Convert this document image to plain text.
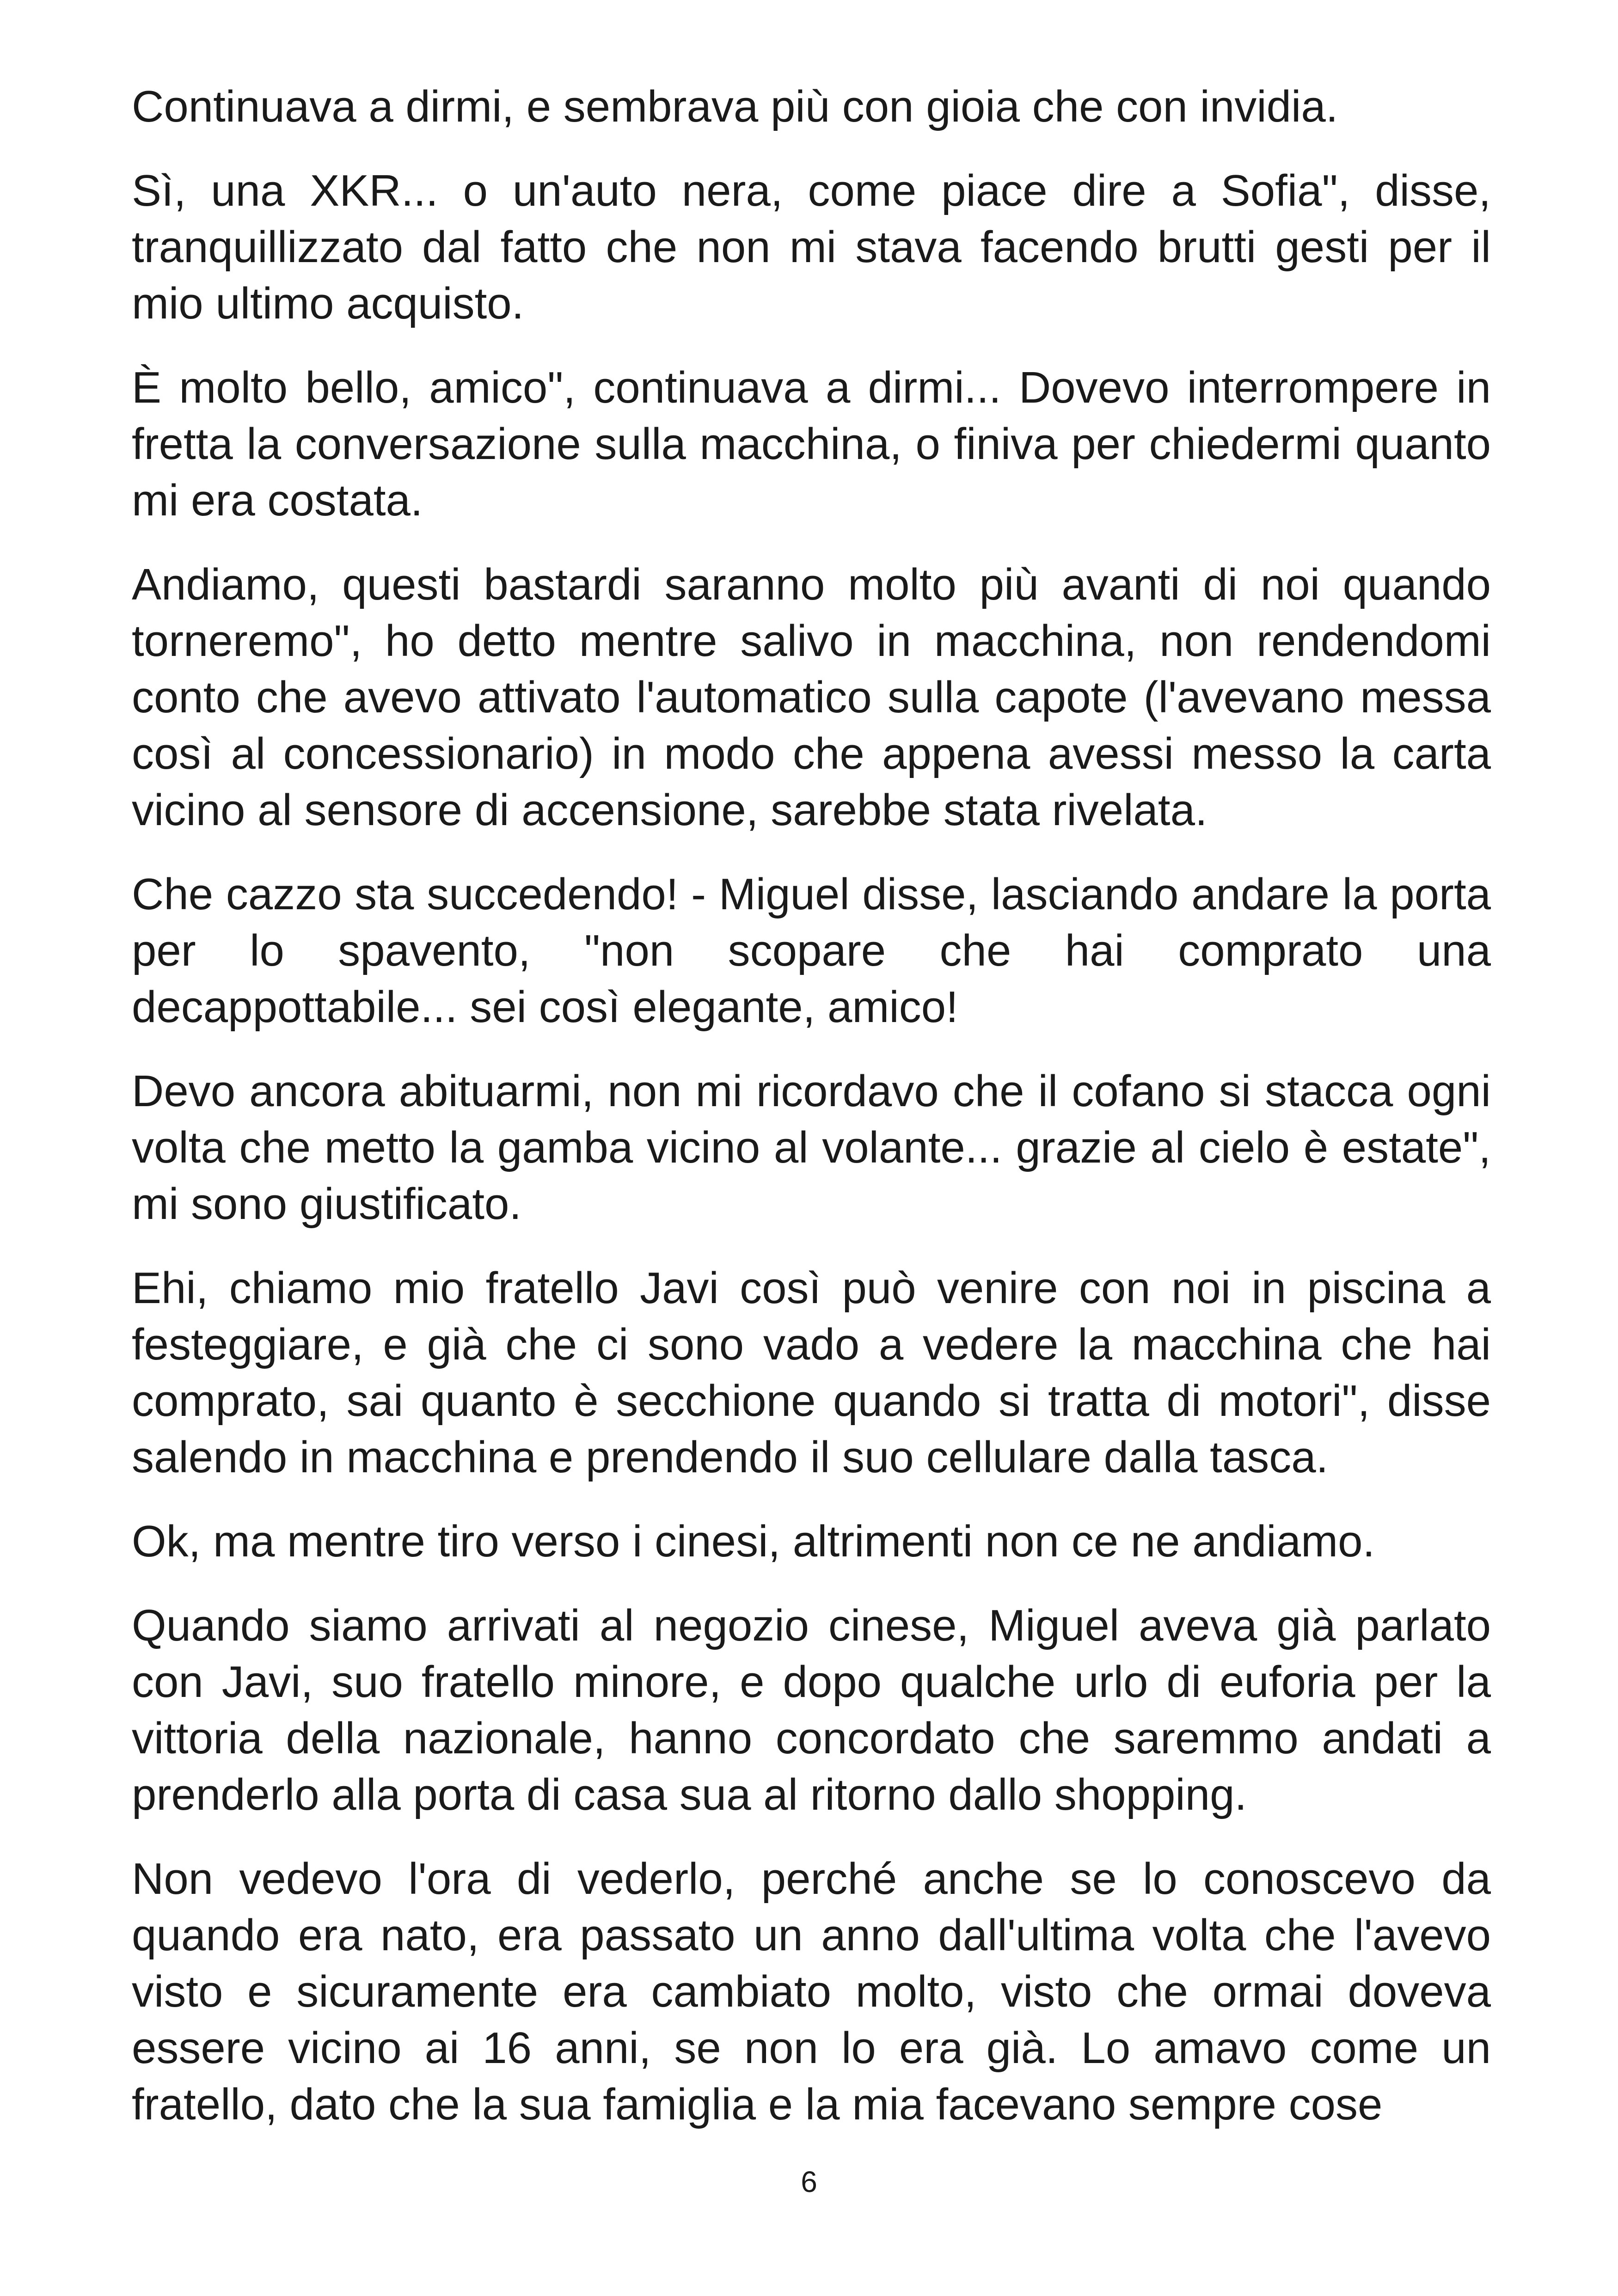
Continuava a dirmi, e sembrava più con gioia che con invidia.

Sì, una XKR... o un'auto nera, come piace dire a Sofia", disse, tranquillizzato dal fatto che non mi stava facendo brutti gesti per il mio ultimo acquisto.

È molto bello, amico", continuava a dirmi... Dovevo interrompere in fretta la conversazione sulla macchina, o finiva per chiedermi quanto mi era costata.

Andiamo, questi bastardi saranno molto più avanti di noi quando torneremo", ho detto mentre salivo in macchina, non rendendomi conto che avevo attivato l'automatico sulla capote (l'avevano messa così al concessionario) in modo che appena avessi messo la carta vicino al sensore di accensione, sarebbe stata rivelata.

Che cazzo sta succedendo! - Miguel disse, lasciando andare la porta per lo spavento, "non scopare che hai comprato una decappottabile... sei così elegante, amico!

Devo ancora abituarmi, non mi ricordavo che il cofano si stacca ogni volta che metto la gamba vicino al volante... grazie al cielo è estate", mi sono giustificato.

Ehi, chiamo mio fratello Javi così può venire con noi in piscina a festeggiare, e già che ci sono vado a vedere la macchina che hai comprato, sai quanto è secchione quando si tratta di motori", disse salendo in macchina e prendendo il suo cellulare dalla tasca.

Ok, ma mentre tiro verso i cinesi, altrimenti non ce ne andiamo.

Quando siamo arrivati al negozio cinese, Miguel aveva già parlato con Javi, suo fratello minore, e dopo qualche urlo di euforia per la vittoria della nazionale, hanno concordato che saremmo andati a prenderlo alla porta di casa sua al ritorno dallo shopping.

Non vedevo l'ora di vederlo, perché anche se lo conoscevo da quando era nato, era passato un anno dall'ultima volta che l'avevo visto e sicuramente era cambiato molto, visto che ormai doveva essere vicino ai 16 anni, se non lo era già. Lo amavo come un fratello, dato che la sua famiglia e la mia facevano sempre cose

6
